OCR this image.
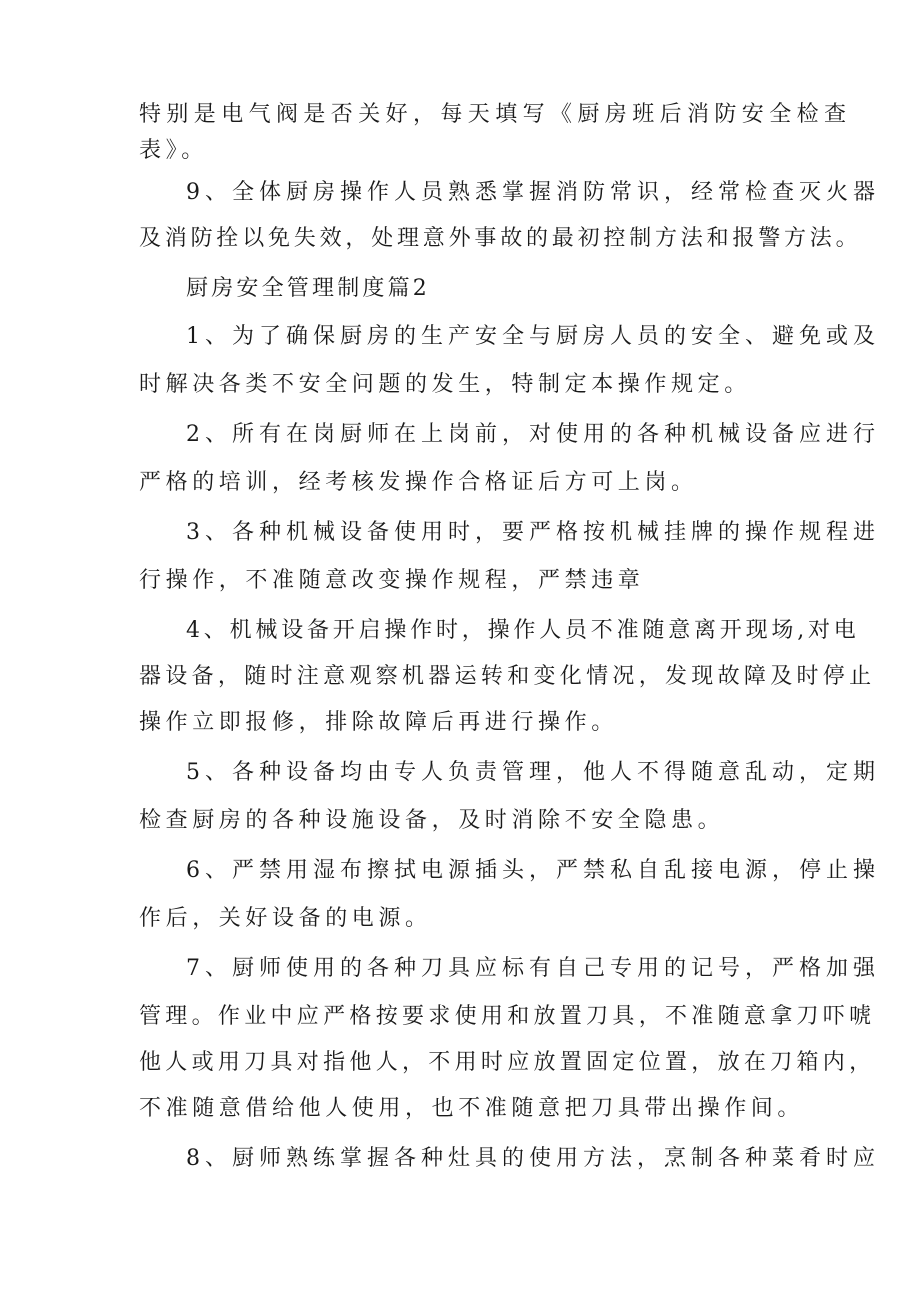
特别是电气阀是否关好，每天填写《厨房班后消防安全检查
表》。
9、全体厨房操作人员熟悉掌握消防常识，经常检查灭火器
及消防拴以免失效，处理意外事故的最初控制方法和报警方法。
厨房安全管理制度篇2
1、为了确保厨房的生产安全与厨房人员的安全、避免或及
时解决各类不安全问题的发生，特制定本操作规定。
2、所有在岗厨师在上岗前，对使用的各种机械设备应进行
严格的培训，经考核发操作合格证后方可上岗。
3、各种机械设备使用时，要严格按机械挂牌的操作规程进
行操作，不准随意改变操作规程，严禁违章
4、机械设备开启操作时，操作人员不准随意离开现场,对电
器设备，随时注意观察机器运转和变化情况，发现故障及时停止
操作立即报修，排除故障后再进行操作。
5、各种设备均由专人负责管理，他人不得随意乱动，定期
检查厨房的各种设施设备，及时消除不安全隐患。
6、严禁用湿布擦拭电源插头，严禁私自乱接电源，停止操
作后，关好设备的电源。
7、厨师使用的各种刀具应标有自己专用的记号，严格加强
管理。作业中应严格按要求使用和放置刀具，不准随意拿刀吓唬
他人或用刀具对指他人，不用时应放置固定位置，放在刀箱内，
不准随意借给他人使用，也不准随意把刀具带出操作间。
8、厨师熟练掌握各种灶具的使用方法，烹制各种菜肴时应
